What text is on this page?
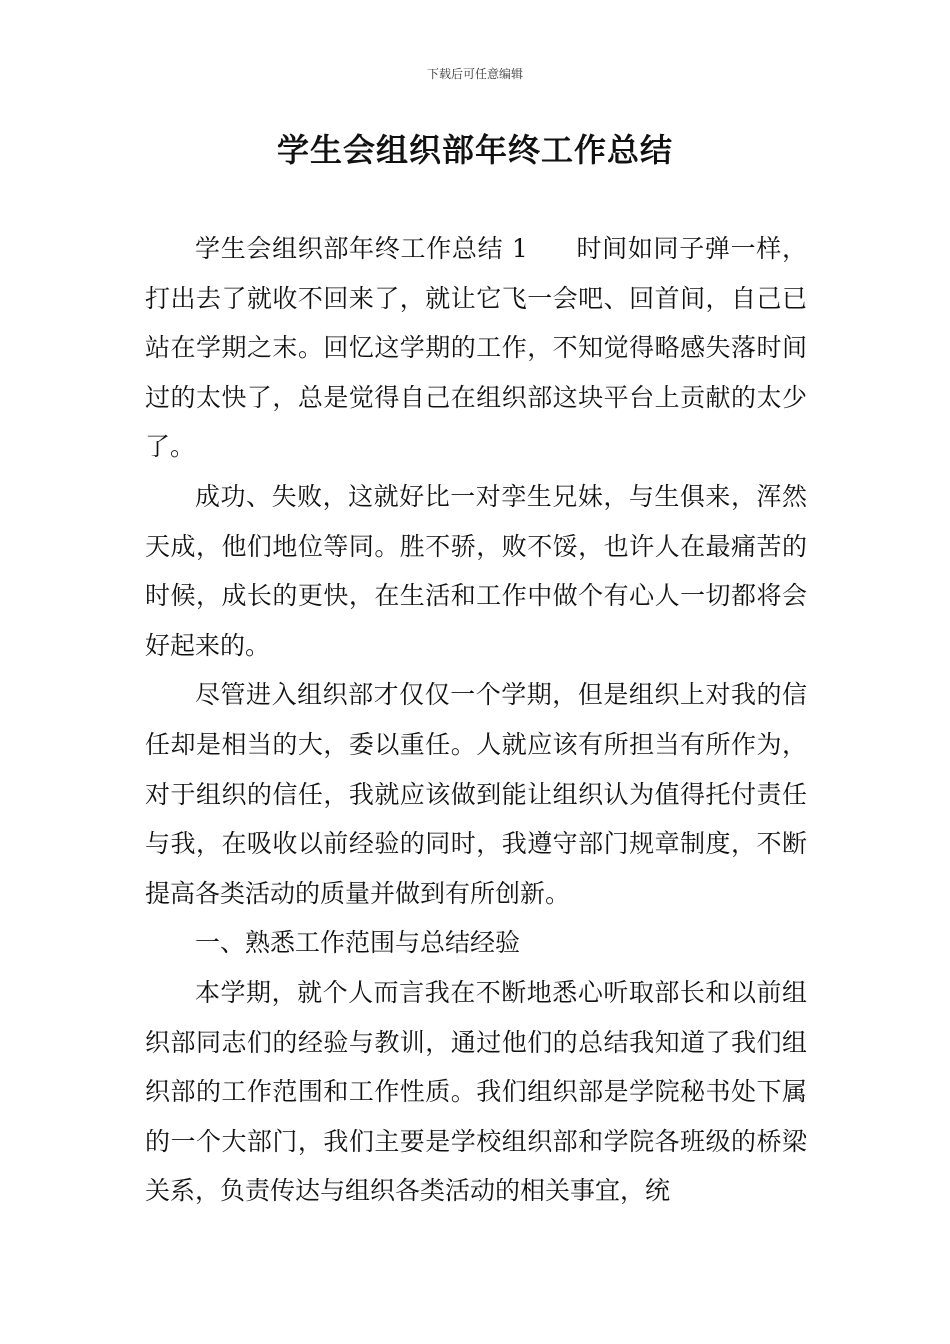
下载后可任意编辑
学生会组织部年终工作总结

学生会组织部年终工作总结 1 时间如同子弹一样，打出去了就收不回来了，就让它飞一会吧、回首间，自己已站在学期之末。回忆这学期的工作，不知觉得略感失落时间过的太快了，总是觉得自己在组织部这块平台上贡献的太少了。

成功、失败，这就好比一对孪生兄妹，与生俱来，浑然天成，他们地位等同。胜不骄，败不馁，也许人在最痛苦的时候，成长的更快，在生活和工作中做个有心人一切都将会好起来的。

尽管进入组织部才仅仅一个学期，但是组织上对我的信任却是相当的大，委以重任。人就应该有所担当有所作为，对于组织的信任，我就应该做到能让组织认为值得托付责任与我，在吸收以前经验的同时，我遵守部门规章制度，不断提高各类活动的质量并做到有所创新。

一、熟悉工作范围与总结经验

本学期，就个人而言我在不断地悉心听取部长和以前组织部同志们的经验与教训，通过他们的总结我知道了我们组织部的工作范围和工作性质。我们组织部是学院秘书处下属的一个大部门，我们主要是学校组织部和学院各班级的桥梁关系，负责传达与组织各类活动的相关事宜，统
